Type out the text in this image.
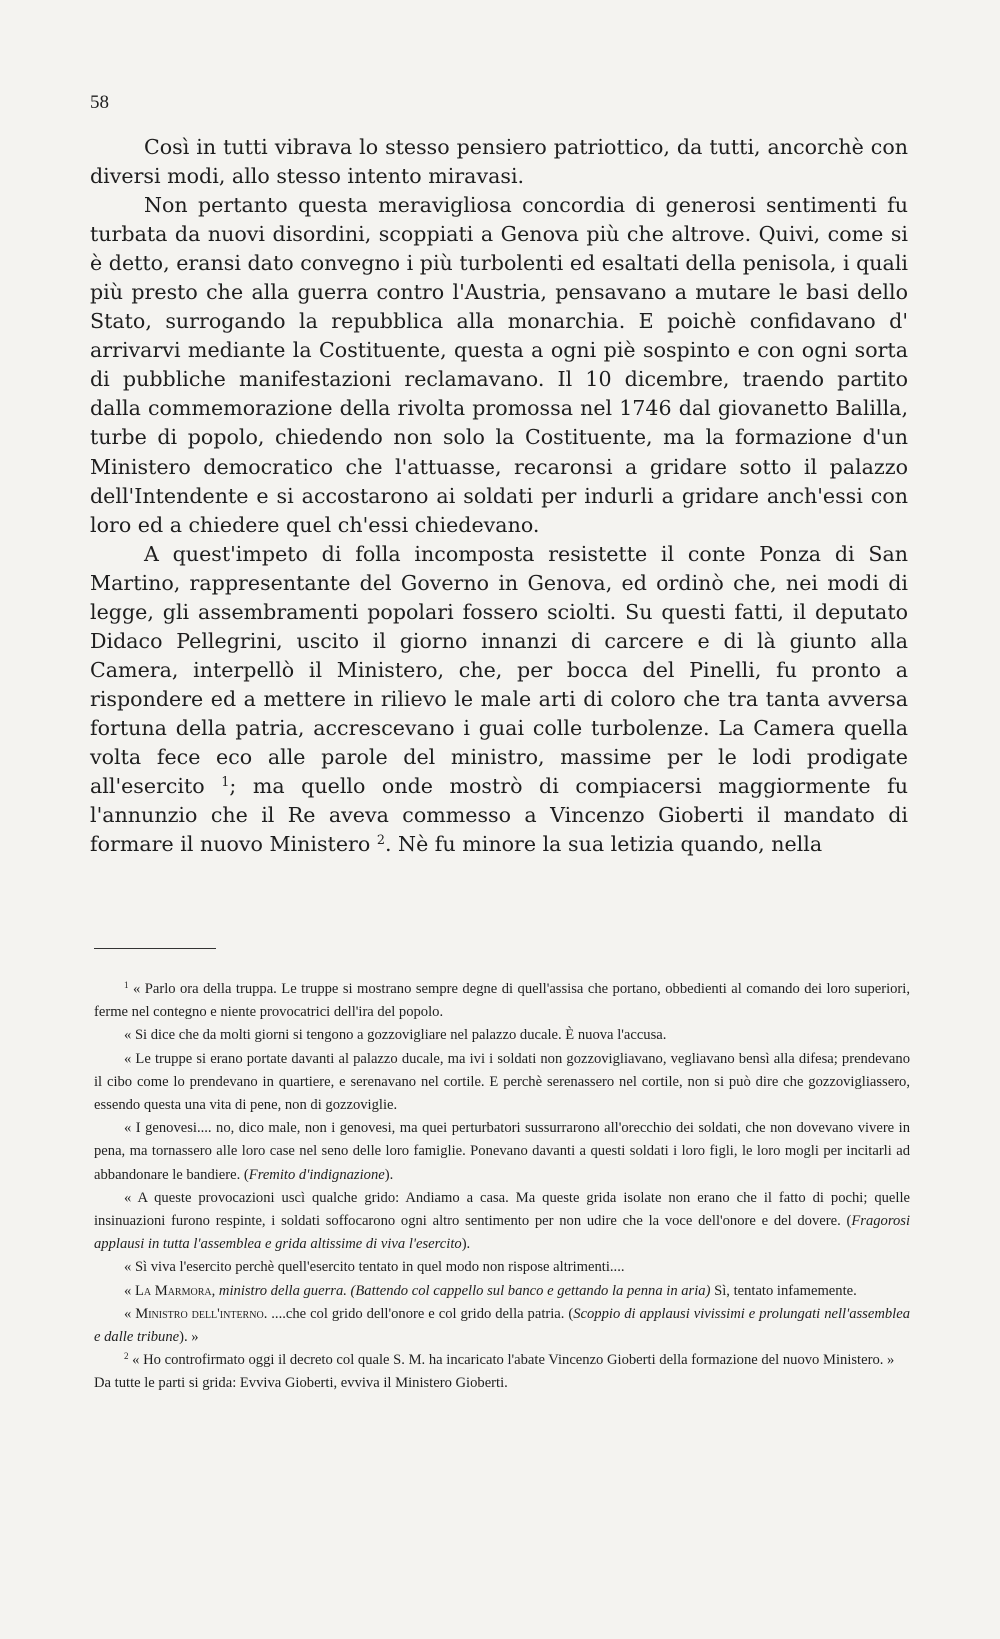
58

Così in tutti vibrava lo stesso pensiero patriottico, da tutti, ancorchè con diversi modi, allo stesso intento miravasi.

Non pertanto questa meravigliosa concordia di generosi sentimenti fu turbata da nuovi disordini, scoppiati a Genova più che altrove. Quivi, come si è detto, eransi dato convegno i più turbolenti ed esaltati della penisola, i quali più presto che alla guerra contro l'Austria, pensavano a mutare le basi dello Stato, surrogando la repubblica alla monarchia. E poichè confidavano d' arrivarvi mediante la Costituente, questa a ogni piè sospinto e con ogni sorta di pubbliche manifestazioni reclamavano. Il 10 dicembre, traendo partito dalla commemorazione della rivolta promossa nel 1746 dal giovanetto Balilla, turbe di popolo, chiedendo non solo la Costituente, ma la formazione d'un Ministero democratico che l'attuasse, recaronsi a gridare sotto il palazzo dell'Intendente e si accostarono ai soldati per indurli a gridare anch'essi con loro ed a chiedere quel ch'essi chiedevano.

A quest'impeto di folla incomposta resistette il conte Ponza di San Martino, rappresentante del Governo in Genova, ed ordinò che, nei modi di legge, gli assembramenti popolari fossero sciolti. Su questi fatti, il deputato Didaco Pellegrini, uscito il giorno innanzi di carcere e di là giunto alla Camera, interpellò il Ministero, che, per bocca del Pinelli, fu pronto a rispondere ed a mettere in rilievo le male arti di coloro che tra tanta avversa fortuna della patria, accrescevano i guai colle turbolenze. La Camera quella volta fece eco alle parole del ministro, massime per le lodi prodigate all'esercito $^1$; ma quello onde mostrò di compiacersi maggiormente fu l'annunzio che il Re aveva commesso a Vincenzo Gioberti il mandato di formare il nuovo Ministero $^2$. Nè fu minore la sua letizia quando, nella

$^1$ « Parlo ora della truppa. Le truppe si mostrano sempre degne di quell'assisa che portano, obbedienti al comando dei loro superiori, ferme nel contegno e niente provocatrici dell'ira del popolo.

« Si dice che da molti giorni si tengono a gozzovigliare nel palazzo ducale. È nuova l'accusa.

« Le truppe si erano portate davanti al palazzo ducale, ma ivi i soldati non gozzovigliavano, vegliavano bensì alla difesa; prendevano il cibo come lo prendevano in quartiere, e serenavano nel cortile. E perchè serenassero nel cortile, non si può dire che gozzovigliassero, essendo questa una vita di pene, non di gozzoviglie.

« I genovesi.... no, dico male, non i genovesi, ma quei perturbatori sussurrarono all'orecchio dei soldati, che non dovevano vivere in pena, ma tornassero alle loro case nel seno delle loro famiglie. Ponevano davanti a questi soldati i loro figli, le loro mogli per incitarli ad abbandonare le bandiere. (Fremito d'indignazione).

« A queste provocazioni uscì qualche grido: Andiamo a casa. Ma queste grida isolate non erano che il fatto di pochi; quelle insinuazioni furono respinte, i soldati soffocarono ogni altro sentimento per non udire che la voce dell'onore e del dovere. (Fragorosi applausi in tutta l'assemblea e grida altissime di viva l'esercito).

« Sì viva l'esercito perchè quell'esercito tentato in quel modo non rispose altrimenti....

« La Marmora, ministro della guerra. (Battendo col cappello sul banco e gettando la penna in aria) Sì, tentato infamemente.

« Ministro dell'interno. ....che col grido dell'onore e col grido della patria. (Scoppio di applausi vivissimi e prolungati nell'assemblea e dalle tribune). »

$^2$ « Ho controfirmato oggi il decreto col quale S. M. ha incaricato l'abate Vincenzo Gioberti della formazione del nuovo Ministero. »

Da tutte le parti si grida: Evviva Gioberti, evviva il Ministero Gioberti.
